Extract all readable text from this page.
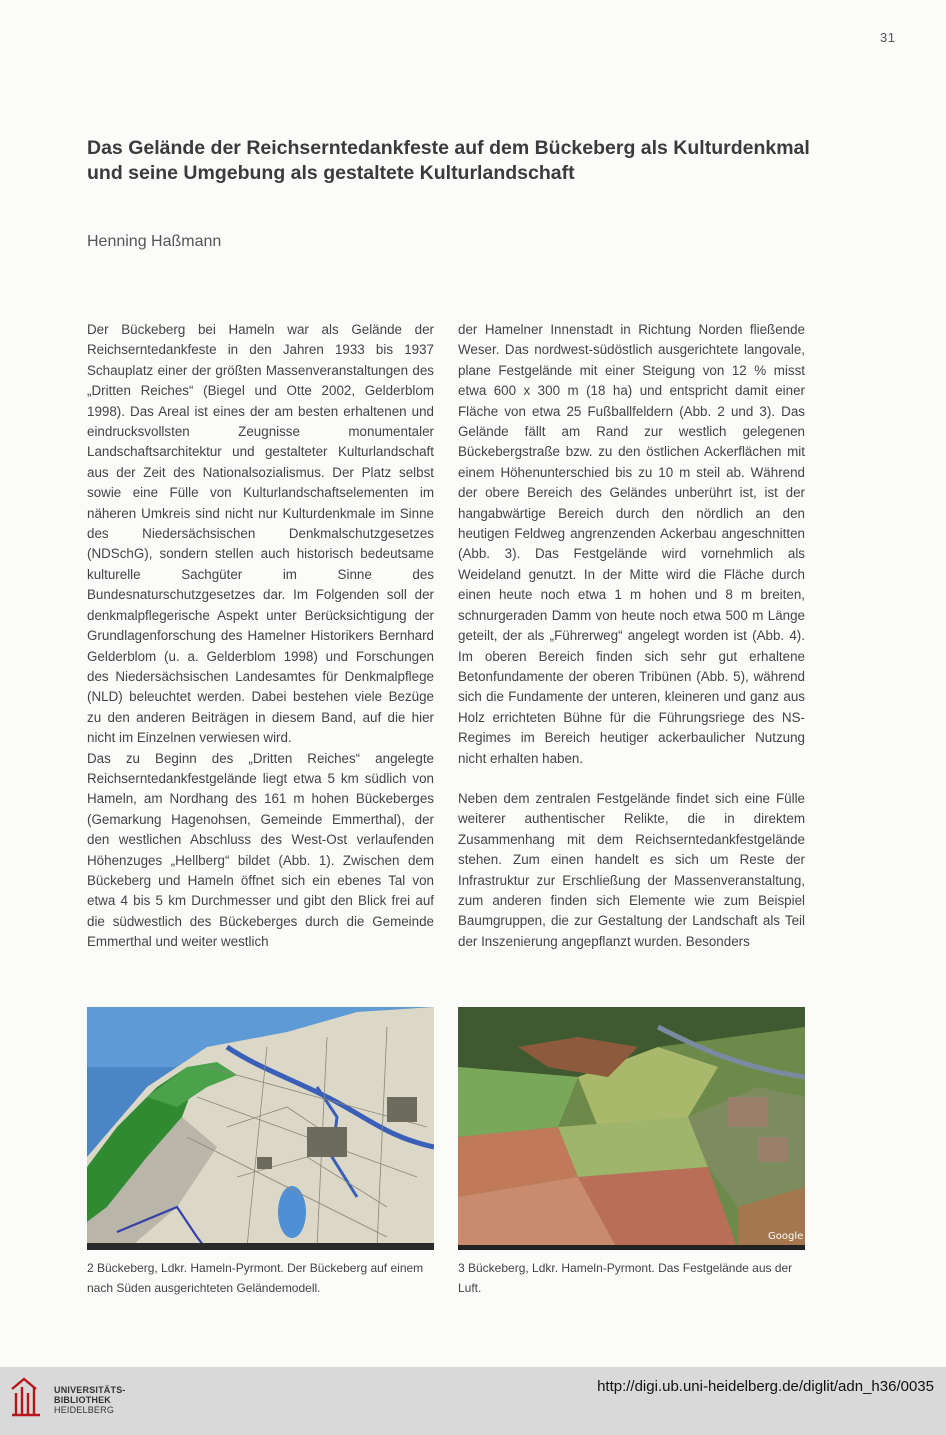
31
Das Gelände der Reichserntedankfeste auf dem Bückeberg als Kulturdenkmal und seine Umgebung als gestaltete Kulturlandschaft
Henning Haßmann

Der Bückeberg bei Hameln war als Gelände der Reichserntedankfeste in den Jahren 1933 bis 1937 Schauplatz einer der größten Massenveranstaltungen des „Dritten Reiches“ (Biegel und Otte 2002, Gelderblom 1998). Das Areal ist eines der am besten erhaltenen und eindrucksvollsten Zeugnisse monumentaler Landschaftsarchitektur und gestalteter Kulturlandschaft aus der Zeit des Nationalsozialismus. Der Platz selbst sowie eine Fülle von Kulturlandschaftselementen im näheren Umkreis sind nicht nur Kulturdenkmale im Sinne des Niedersächsischen Denkmalschutzgesetzes (NDSchG), sondern stellen auch historisch bedeutsame kulturelle Sachgüter im Sinne des Bundesnaturschutzgesetzes dar. Im Folgenden soll der denkmalpflegerische Aspekt unter Berücksichtigung der Grundlagenforschung des Hamelner Historikers Bernhard Gelderblom (u. a. Gelderblom 1998) und Forschungen des Niedersächsischen Landesamtes für Denkmalpflege (NLD) beleuchtet werden. Dabei bestehen viele Bezüge zu den anderen Beiträgen in diesem Band, auf die hier nicht im Einzelnen verwiesen wird.

Das zu Beginn des „Dritten Reiches“ angelegte Reichserntedankfestgelände liegt etwa 5 km südlich von Hameln, am Nordhang des 161 m hohen Bückeberges (Gemarkung Hagenohsen, Gemeinde Emmerthal), der den westlichen Abschluss des West-Ost verlaufenden Höhenzuges „Hellberg“ bildet (Abb. 1). Zwischen dem Bückeberg und Hameln öffnet sich ein ebenes Tal von etwa 4 bis 5 km Durchmesser und gibt den Blick frei auf die südwestlich des Bückeberges durch die Gemeinde Emmerthal und weiter westlich

der Hamelner Innenstadt in Richtung Norden fließende Weser. Das nordwest-südöstlich ausgerichtete langovale, plane Festgelände mit einer Steigung von 12 % misst etwa 600 x 300 m (18 ha) und entspricht damit einer Fläche von etwa 25 Fußballfeldern (Abb. 2 und 3). Das Gelände fällt am Rand zur westlich gelegenen Bückebergstraße bzw. zu den östlichen Ackerflächen mit einem Höhenunterschied bis zu 10 m steil ab. Während der obere Bereich des Geländes unberührt ist, ist der hangabwärtige Bereich durch den nördlich an den heutigen Feldweg angrenzenden Ackerbau angeschnitten (Abb. 3). Das Festgelände wird vornehmlich als Weideland genutzt. In der Mitte wird die Fläche durch einen heute noch etwa 1 m hohen und 8 m breiten, schnurgeraden Damm von heute noch etwa 500 m Länge geteilt, der als „Führerweg“ angelegt worden ist (Abb. 4). Im oberen Bereich finden sich sehr gut erhaltene Betonfundamente der oberen Tribünen (Abb. 5), während sich die Fundamente der unteren, kleineren und ganz aus Holz errichteten Bühne für die Führungsriege des NS-Regimes im Bereich heutiger ackerbaulicher Nutzung nicht erhalten haben.

Neben dem zentralen Festgelände findet sich eine Fülle weiterer authentischer Relikte, die in direktem Zusammenhang mit dem Reichserntedankfestgelände stehen. Zum einen handelt es sich um Reste der Infrastruktur zur Erschließung der Massenveranstaltung, zum anderen finden sich Elemente wie zum Beispiel Baumgruppen, die zur Gestaltung der Landschaft als Teil der Inszenierung angepflanzt wurden. Besonders

2 Bückeberg, Ldkr. Hameln-Pyrmont. Der Bückeberg auf einem nach Süden ausgerichteten Geländemodell.

Google

3 Bückeberg, Ldkr. Hameln-Pyrmont. Das Festgelände aus der Luft.

UNIVERSITÄTS-
BIBLIOTHEK
HEIDELBERG
http://digi.ub.uni-heidelberg.de/diglit/adn_h36/0035
